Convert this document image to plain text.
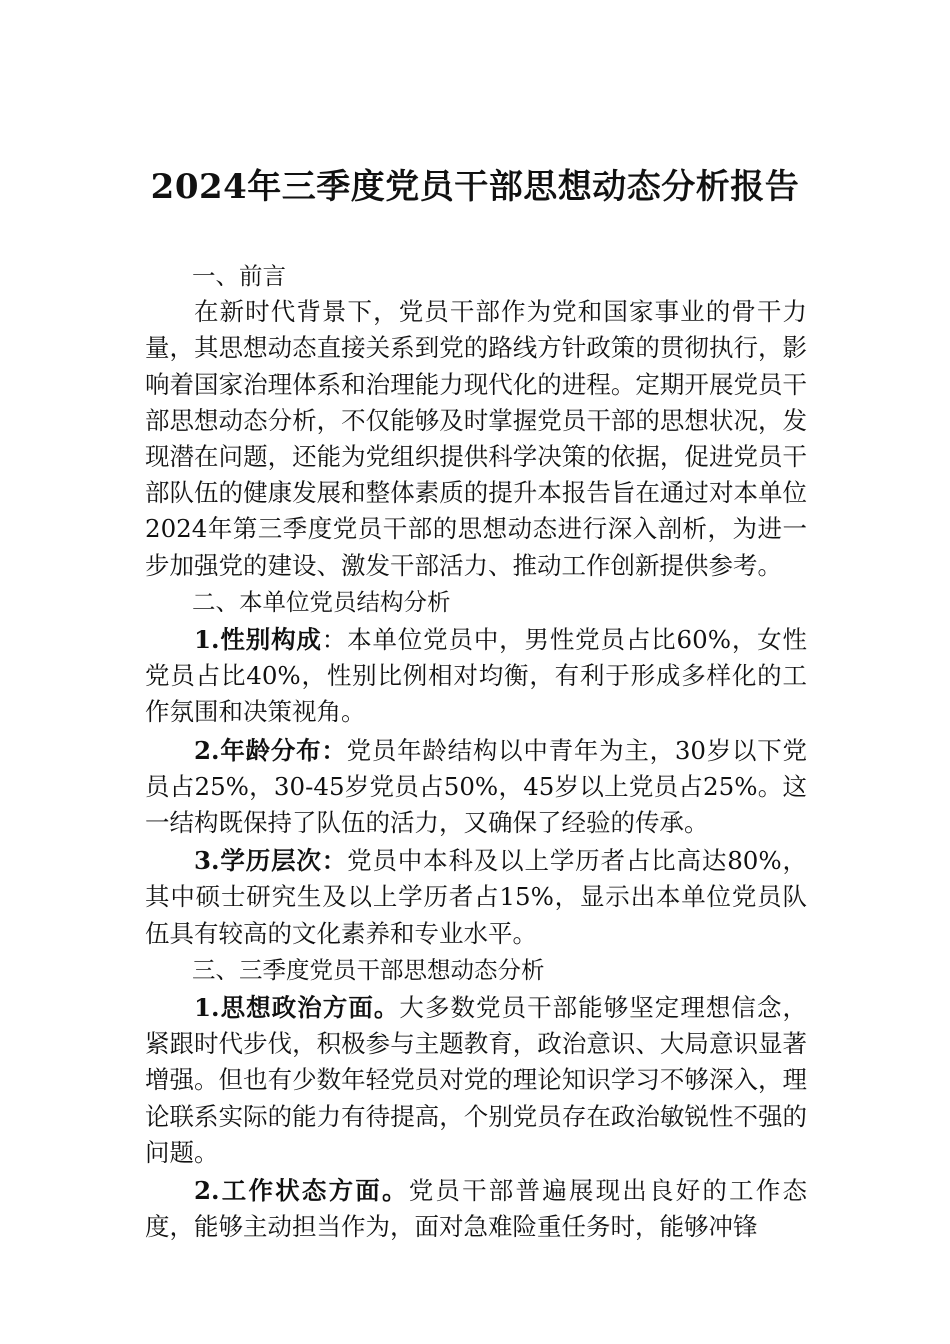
2024年三季度党员干部思想动态分析报告

一、前言

在新时代背景下，党员干部作为党和国家事业的骨干力量，其思想动态直接关系到党的路线方针政策的贯彻执行，影响着国家治理体系和治理能力现代化的进程。定期开展党员干部思想动态分析，不仅能够及时掌握党员干部的思想状况，发现潜在问题，还能为党组织提供科学决策的依据，促进党员干部队伍的健康发展和整体素质的提升本报告旨在通过对本单位2024年第三季度党员干部的思想动态进行深入剖析，为进一步加强党的建设、激发干部活力、推动工作创新提供参考。

二、本单位党员结构分析

1.性别构成：本单位党员中，男性党员占比60%，女性党员占比40%，性别比例相对均衡，有利于形成多样化的工作氛围和决策视角。

2.年龄分布：党员年龄结构以中青年为主，30岁以下党员占25%，30-45岁党员占50%，45岁以上党员占25%。这一结构既保持了队伍的活力，又确保了经验的传承。

3.学历层次：党员中本科及以上学历者占比高达80%，其中硕士研究生及以上学历者占15%，显示出本单位党员队伍具有较高的文化素养和专业水平。

三、三季度党员干部思想动态分析

1.思想政治方面。大多数党员干部能够坚定理想信念，紧跟时代步伐，积极参与主题教育，政治意识、大局意识显著增强。但也有少数年轻党员对党的理论知识学习不够深入，理论联系实际的能力有待提高，个别党员存在政治敏锐性不强的问题。

2.工作状态方面。党员干部普遍展现出良好的工作态度，能够主动担当作为，面对急难险重任务时，能够冲锋
